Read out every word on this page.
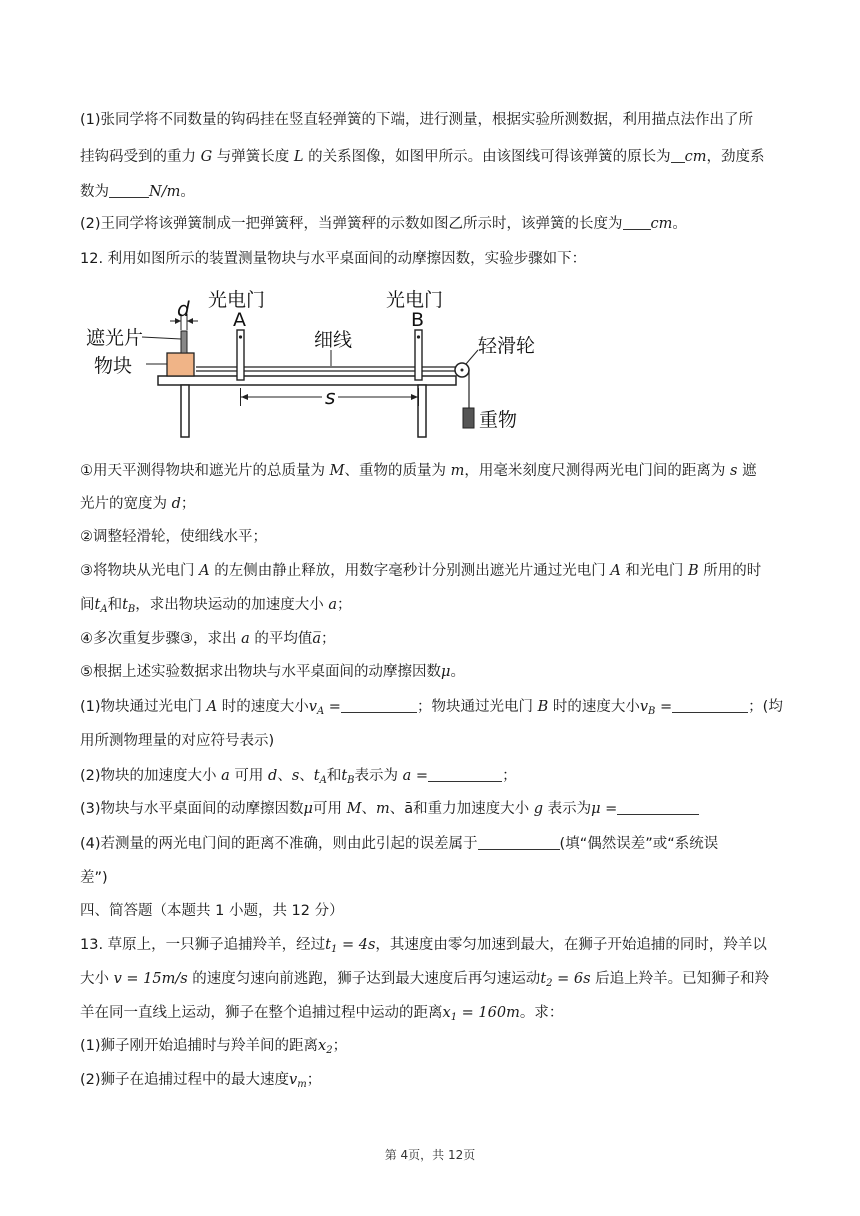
(1)张同学将不同数量的钩码挂在竖直轻弹簧的下端，进行测量，根据实验所测数据，利用描点法作出了所
挂钩码受到的重力 G 与弹簧长度 L 的关系图像，如图甲所示。由该图线可得该弹簧的原长为 cm，劲度系
数为	N/m。
(2)王同学将该弹簧制成一把弹簧秤，当弹簧秤的示数如图乙所示时，该弹簧的长度为 cm。
12. 利用如图所示的装置测量物块与水平桌面间的动摩擦因数，实验步骤如下：
重物
d
遮光片
物块
光电门
A
光电门
B
细线	轻滑轮
s
①用天平测得物块和遮光片的总质量为 M、重物的质量为 m，用毫米刻度尺测得两光电门间的距离为 s 遮
光片的宽度为 d；
②调整轻滑轮，使细线水平；
③将物块从光电门 A 的左侧由静止释放，用数字毫秒计分别测出遮光片通过光电门 A 和光电门 B 所用的时
间$t_A$和$t_B$，求出物块运动的加速度大小 a；
④多次重复步骤③，求出 a 的平均值a̅；
⑤根据上述实验数据求出物块与水平桌面间的动摩擦因数μ。
(1)物块通过光电门 A 时的速度大小$v_A$ =	；物块通过光电门 B 时的速度大小$v_B$ =	；(均
用所测物理量的对应符号表示)
(2)物块的加速度大小 a 可用 d、s、$t_A$和$t_B$表示为 a =	；
(3)物块与水平桌面间的动摩擦因数μ可用 M、m、ā和重力加速度大小 g 表示为μ =
(4)若测量的两光电门间的距离不准确，则由此引起的误差属于	(填“偶然误差”或“系统误
差”)
四、简答题（本题共 1 小题，共 12 分）
13. 草原上，一只狮子追捕羚羊，经过$t_1 = 4s$，其速度由零匀加速到最大，在狮子开始追捕的同时，羚羊以
大小 v = 15m/s 的速度匀速向前逃跑，狮子达到最大速度后再匀速运动$t_2 = 6s$ 后追上羚羊。已知狮子和羚
羊在同一直线上运动，狮子在整个追捕过程中运动的距离$x_1 = 160m$。求：
(1)狮子刚开始追捕时与羚羊间的距离$x_2$；
(2)狮子在追捕过程中的最大速度$v_m$；
第 4页，共 12页
